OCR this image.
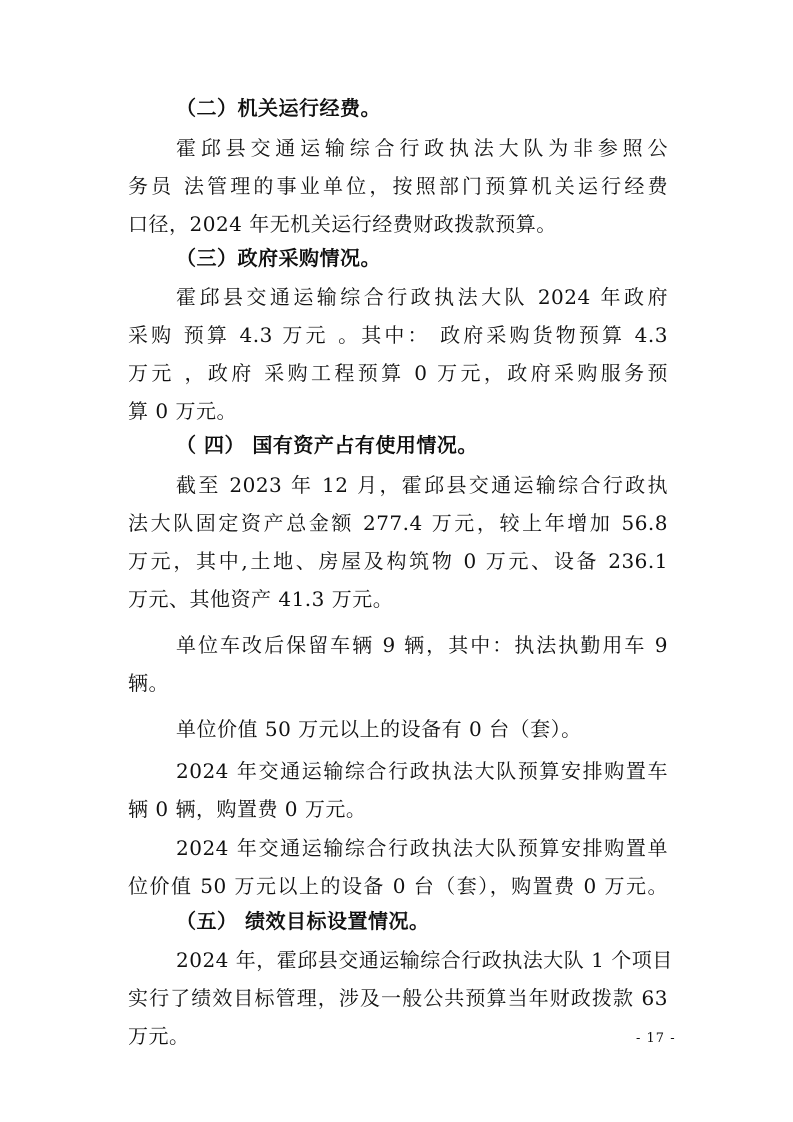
（二）机关运行经费。
霍邱县交通运输综合行政执法大队为非参照公
务员 法管理的事业单位，按照部门预算机关运行经费
口径，2024 年无机关运行经费财政拨款预算。
（三）政府采购情况。
霍邱县交通运输综合行政执法大队 2024 年政府
采购 预算 4.3 万元 。其中： 政府采购货物预算 4.3
万元 ，政府 采购工程预算 0 万元，政府采购服务预
算 0 万元。
（ 四） 国有资产占有使用情况。
截至 2023 年 12 月，霍邱县交通运输综合行政执
法大队固定资产总金额 277.4 万元，较上年增加 56.8
万元，其中,土地、房屋及构筑物 0 万元、设备 236.1
万元、其他资产 41.3 万元。
单位车改后保留车辆 9 辆，其中：执法执勤用车 9
辆。
单位价值 50 万元以上的设备有 0 台（套）。
2024 年交通运输综合行政执法大队预算安排购置车
辆 0 辆，购置费 0 万元。
2024 年交通运输综合行政执法大队预算安排购置单
位价值 50 万元以上的设备 0 台（套），购置费 0 万元。
（五） 绩效目标设置情况。
2024 年，霍邱县交通运输综合行政执法大队 1 个项目
实行了绩效目标管理，涉及一般公共预算当年财政拨款 63
万元。	- 17 -
